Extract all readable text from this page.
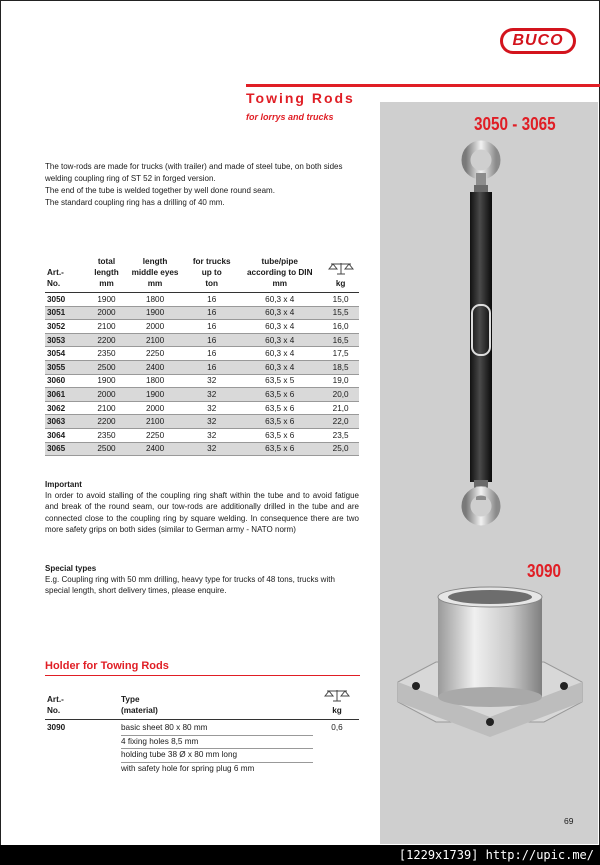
BUCO
Towing Rods
for lorrys and trucks	3050 - 3065
3090

The tow-rods are made for trucks (with trailer) and made of steel tube, on both sides welding coupling ring of ST 52 in forged version.

The end of the tube is welded together by well done round seam.

The standard coupling ring has a drilling of 40 mm.

Art.-
No.	total
length
mm	length
middle eyes
mm	for trucks
up to
ton	tube/pipe
according to DIN
mm	kg
3050	1900	1800	16	60,3 x 4	15,0
3051	2000	1900	16	60,3 x 4	15,5
3052	2100	2000	16	60,3 x 4	16,0
3053	2200	2100	16	60,3 x 4	16,5
3054	2350	2250	16	60,3 x 4	17,5
3055	2500	2400	16	60,3 x 4	18,5
3060	1900	1800	32	63,5 x 5	19,0
3061	2000	1900	32	63,5 x 6	20,0
3062	2100	2000	32	63,5 x 6	21,0
3063	2200	2100	32	63,5 x 6	22,0
3064	2350	2250	32	63,5 x 6	23,5
3065	2500	2400	32	63,5 x 6	25,0
Important
In order to avoid stalling of the coupling ring shaft within the tube and to avoid fatigue and break of the round seam, our tow-rods are additionally drilled in the tube and are connected close to the coupling ring by square welding. In consequence there are two more safety grips on both sides (similar to German army - NATO norm)
Special types
E.g. Coupling ring with 50 mm drilling, heavy type for trucks of 48 tons, trucks with special length, short delivery times, please enquire.
Holder for Towing Rods
Art.-
No.	Type
(material)	kg
3090	basic sheet 80 x 80 mm
4 fixing holes 8,5 mm
holding tube 38 Ø x 80 mm long
with safety hole for spring plug 6 mm	0,6
69
[1229x1739] http://upic.me/
